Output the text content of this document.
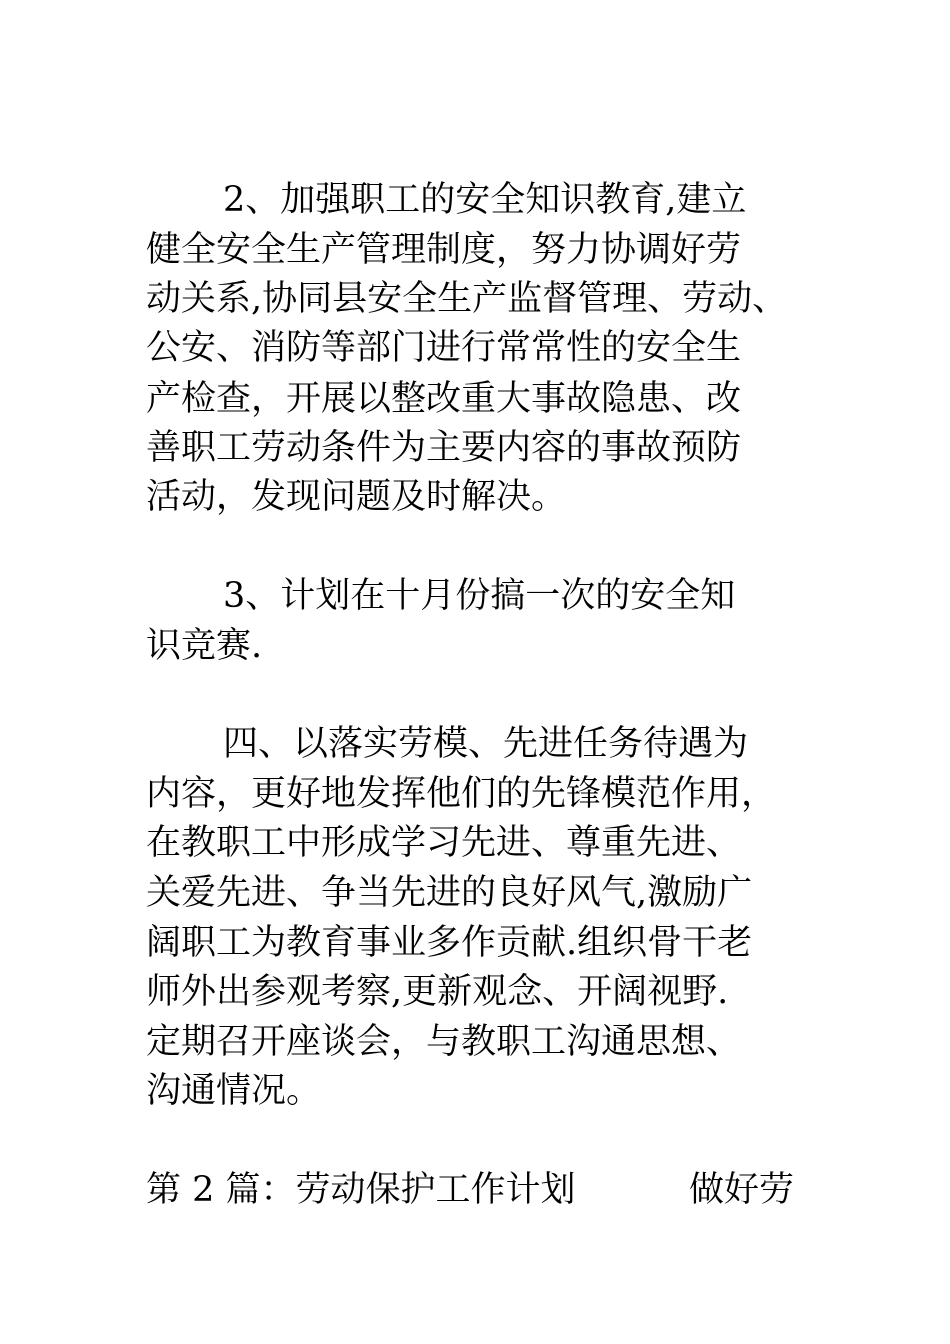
2、加强职工的安全知识教育,建立
健全安全生产管理制度，努力协调好劳
动关系,协同县安全生产监督管理、劳动、
公安、消防等部门进行常常性的安全生
产检查，开展以整改重大事故隐患、改
善职工劳动条件为主要内容的事故预防
活动，发现问题及时解决。
3、计划在十月份搞一次的安全知
识竞赛.
四、以落实劳模、先进任务待遇为
内容，更好地发挥他们的先锋模范作用，
在教职工中形成学习先进、尊重先进、
关爱先进、争当先进的良好风气,激励广
阔职工为教育事业多作贡献.组织骨干老
师外出参观考察,更新观念、开阔视野.
定期召开座谈会，与教职工沟通思想、
沟通情况。
第 2 篇：劳动保护工作计划	做好劳
